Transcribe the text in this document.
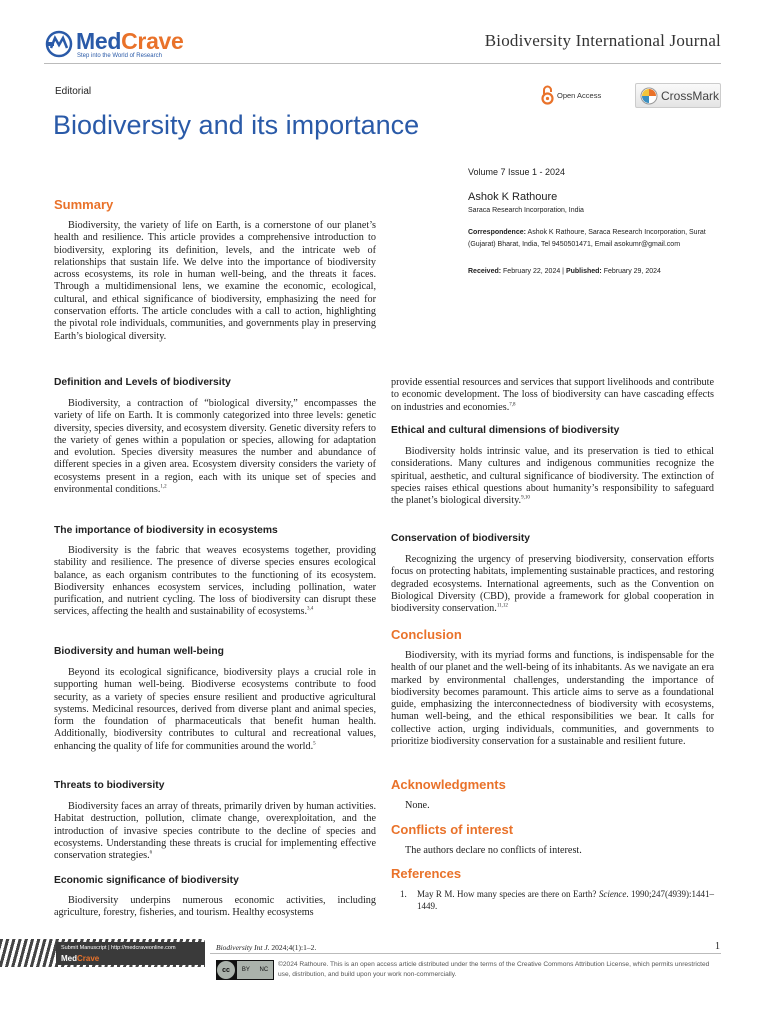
MedCrave
Step into the World of Research
Biodiversity International Journal
Editorial	Open Access	CrossMark
Biodiversity and its importance
Volume 7 Issue 1 - 2024
Ashok K Rathoure
Saraca Research Incorporation, India
Correspondence: Ashok K Rathoure, Saraca Research Incorporation, Surat (Gujarat) Bharat, India, Tel 9450501471, Email asokumr@gmail.com
Received: February 22, 2024 | Published: February 29, 2024
Summary

Biodiversity, the variety of life on Earth, is a cornerstone of our planet’s health and resilience. This article provides a comprehensive introduction to biodiversity, exploring its definition, levels, and the intricate web of relationships that sustain life. We delve into the importance of biodiversity across ecosystems, its role in human well-being, and the threats it faces. Through a multidimensional lens, we examine the economic, ecological, cultural, and ethical significance of biodiversity, emphasizing the need for conservation efforts. The article concludes with a call to action, highlighting the pivotal role individuals, communities, and governments play in preserving Earth’s biological diversity.

Definition and Levels of biodiversity

Biodiversity, a contraction of “biological diversity,” encompasses the variety of life on Earth. It is commonly categorized into three levels: genetic diversity, species diversity, and ecosystem diversity. Genetic diversity refers to the variety of genes within a population or species, allowing for adaptation and evolution. Species diversity measures the number and abundance of different species in a given area. Ecosystem diversity considers the variety of ecosystems present in a region, each with its unique set of species and environmental conditions.$^{1,2}$

The importance of biodiversity in ecosystems

Biodiversity is the fabric that weaves ecosystems together, providing stability and resilience. The presence of diverse species ensures ecological balance, as each organism contributes to the functioning of its ecosystem. Biodiversity enhances ecosystem services, including pollination, water purification, and nutrient cycling. The loss of biodiversity can disrupt these services, affecting the health and sustainability of ecosystems.$^{3,4}$

Biodiversity and human well-being

Beyond its ecological significance, biodiversity plays a crucial role in supporting human well-being. Biodiverse ecosystems contribute to food security, as a variety of species ensure resilient and productive agricultural systems. Medicinal resources, derived from diverse plant and animal species, form the foundation of pharmaceuticals that benefit human health. Additionally, biodiversity contributes to cultural and recreational values, enhancing the quality of life for communities around the world.$^5$

Threats to biodiversity

Biodiversity faces an array of threats, primarily driven by human activities. Habitat destruction, pollution, climate change, overexploitation, and the introduction of invasive species contribute to the decline of species and ecosystems. Understanding these threats is crucial for implementing effective conservation strategies.$^6$

Economic significance of biodiversity

Biodiversity underpins numerous economic activities, including agriculture, forestry, fisheries, and tourism. Healthy ecosystems

provide essential resources and services that support livelihoods and contribute to economic development. The loss of biodiversity can have cascading effects on industries and economies.$^{7,8}$

Ethical and cultural dimensions of biodiversity

Biodiversity holds intrinsic value, and its preservation is tied to ethical considerations. Many cultures and indigenous communities recognize the spiritual, aesthetic, and cultural significance of biodiversity. The extinction of species raises ethical questions about humanity’s responsibility to safeguard the planet’s biological diversity.$^{9,10}$

Conservation of biodiversity

Recognizing the urgency of preserving biodiversity, conservation efforts focus on protecting habitats, implementing sustainable practices, and restoring degraded ecosystems. International agreements, such as the Convention on Biological Diversity (CBD), provide a framework for global cooperation in biodiversity conservation.$^{11,12}$

Conclusion

Biodiversity, with its myriad forms and functions, is indispensable for the health of our planet and the well-being of its inhabitants. As we navigate an era marked by environmental challenges, understanding the importance of biodiversity becomes paramount. This article aims to serve as a foundational guide, emphasizing the interconnectedness of biodiversity with ecosystems, human well-being, and the ethical responsibilities we bear. It calls for collective action, urging individuals, communities, and governments to prioritize biodiversity conservation for a sustainable and resilient future.

Acknowledgments

None.

Conflicts of interest

The authors declare no conflicts of interest.

References
1. May R M. How many species are there on Earth? Science. 1990;247(4939):1441–1449.
Submit Manuscript | http://medcraveonline.com
MedCrave
Biodiversity Int J. 2024;4(1):1‒2.	1
cc	BY NC
©2024 Rathoure. This is an open access article distributed under the terms of the Creative Commons Attribution License, which permits unrestricted use, distribution, and build upon your work non-commercially.
